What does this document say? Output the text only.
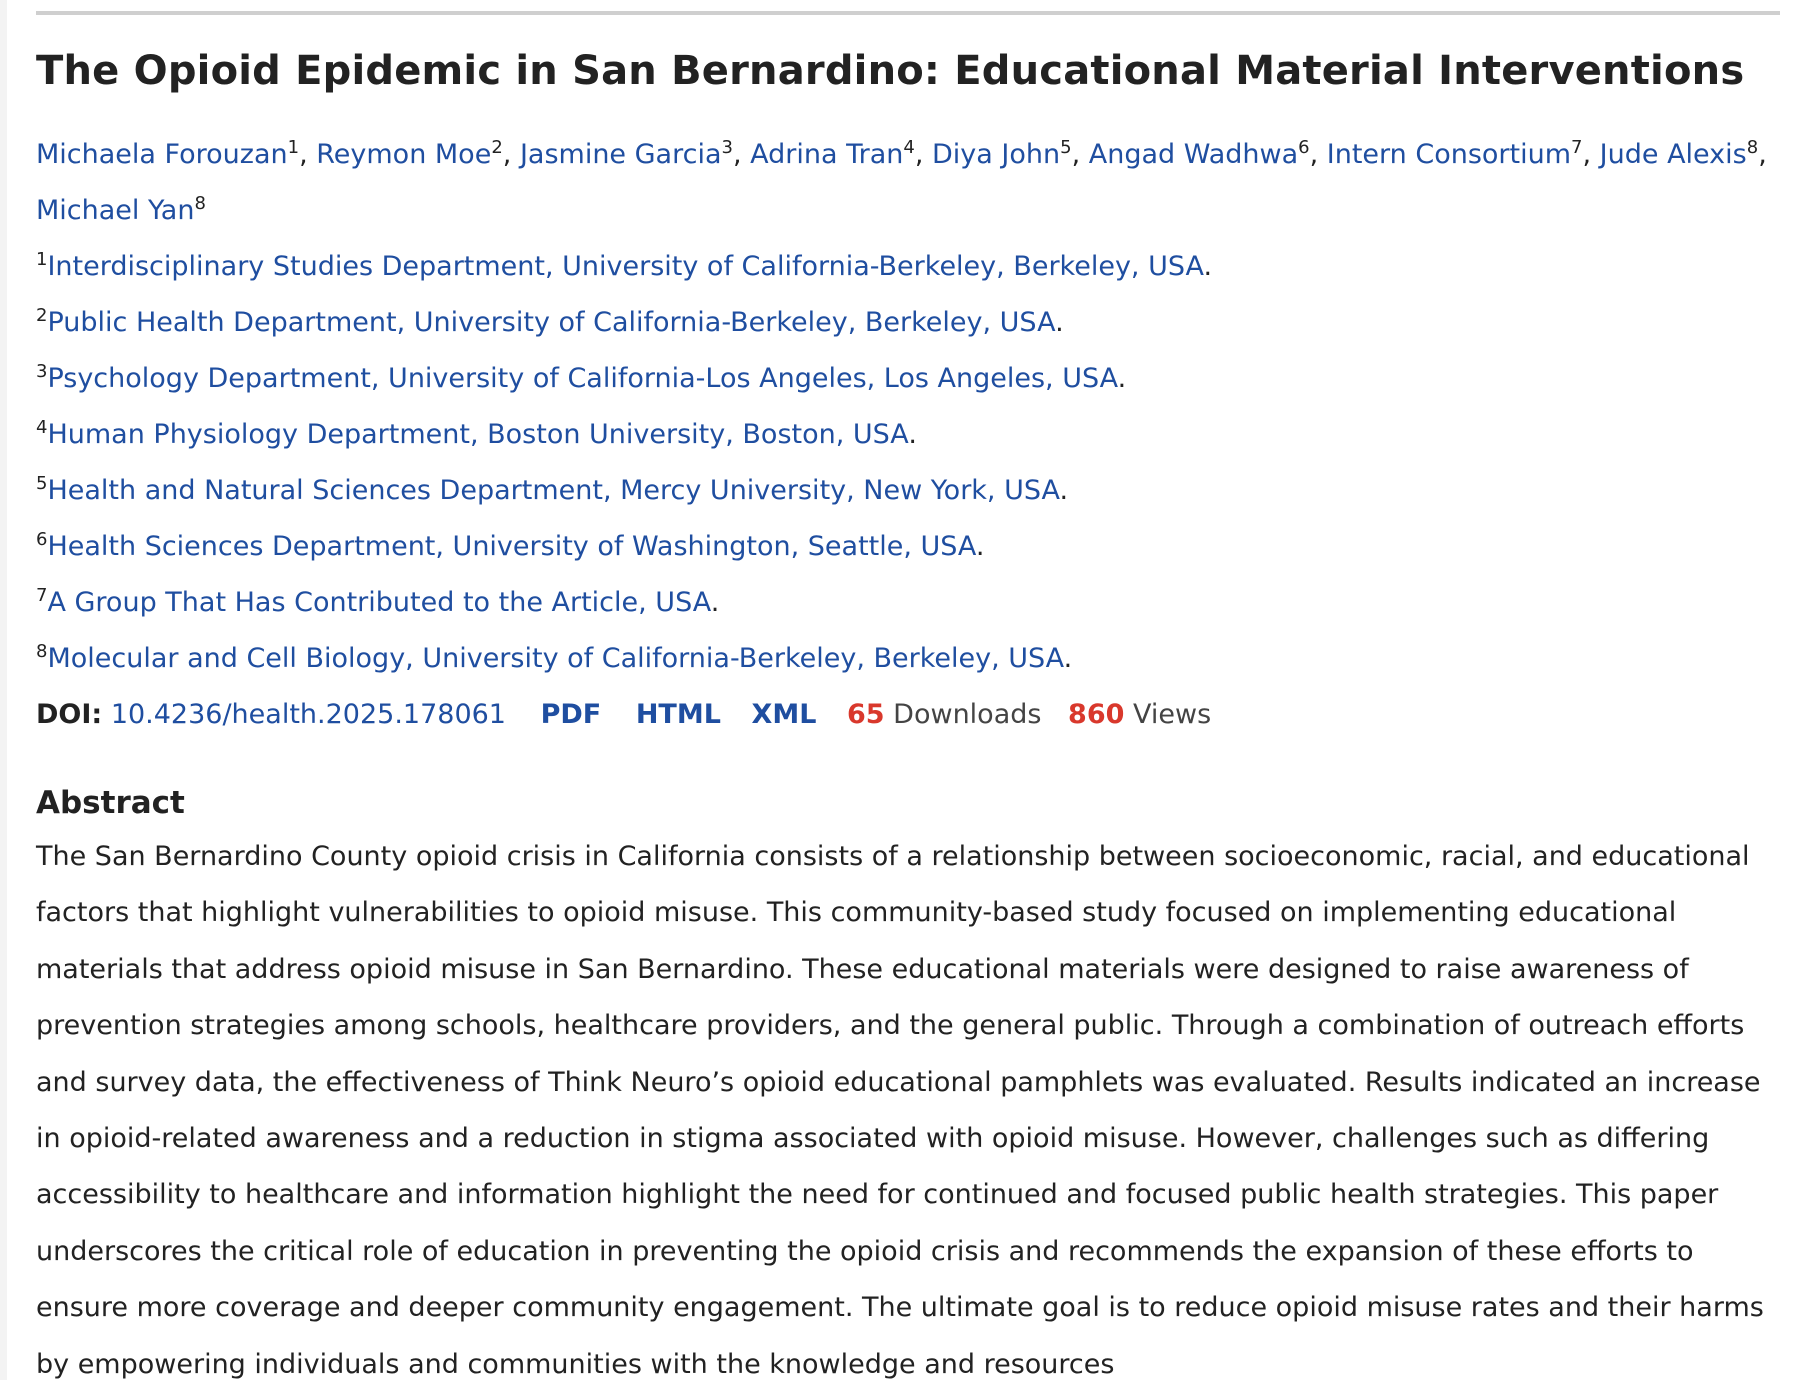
The Opioid Epidemic in San Bernardino: Educational Material Interventions
Michaela Forouzan$^1$, Reymon Moe$^2$, Jasmine Garcia$^3$, Adrina Tran$^4$, Diya John$^5$, Angad Wadhwa$^6$, Intern Consortium$^7$, Jude Alexis$^8$, Michael Yan$^8$
$^1$Interdisciplinary Studies Department, University of California-Berkeley, Berkeley, USA.
$^2$Public Health Department, University of California-Berkeley, Berkeley, USA.
$^3$Psychology Department, University of California-Los Angeles, Los Angeles, USA.
$^4$Human Physiology Department, Boston University, Boston, USA.
$^5$Health and Natural Sciences Department, Mercy University, New York, USA.
$^6$Health Sciences Department, University of Washington, Seattle, USA.
$^7$A Group That Has Contributed to the Article, USA.
$^8$Molecular and Cell Biology, University of California-Berkeley, Berkeley, USA.
DOI: 10.4236/health.2025.178061 PDF HTML XML 65 Downloads 860 Views
Abstract
The San Bernardino County opioid crisis in California consists of a relationship between socioeconomic, racial, and educational factors that highlight vulnerabilities to opioid misuse. This community-based study focused on implementing educational materials that address opioid misuse in San Bernardino. These educational materials were designed to raise awareness of prevention strategies among schools, healthcare providers, and the general public. Through a combination of outreach efforts and survey data, the effectiveness of Think Neuro’s opioid educational pamphlets was evaluated. Results indicated an increase in opioid-related awareness and a reduction in stigma associated with opioid misuse. However, challenges such as differing accessibility to healthcare and information highlight the need for continued and focused public health strategies. This paper underscores the critical role of education in preventing the opioid crisis and recommends the expansion of these efforts to ensure more coverage and deeper community engagement. The ultimate goal is to reduce opioid misuse rates and their harms by empowering individuals and communities with the knowledge and resources
